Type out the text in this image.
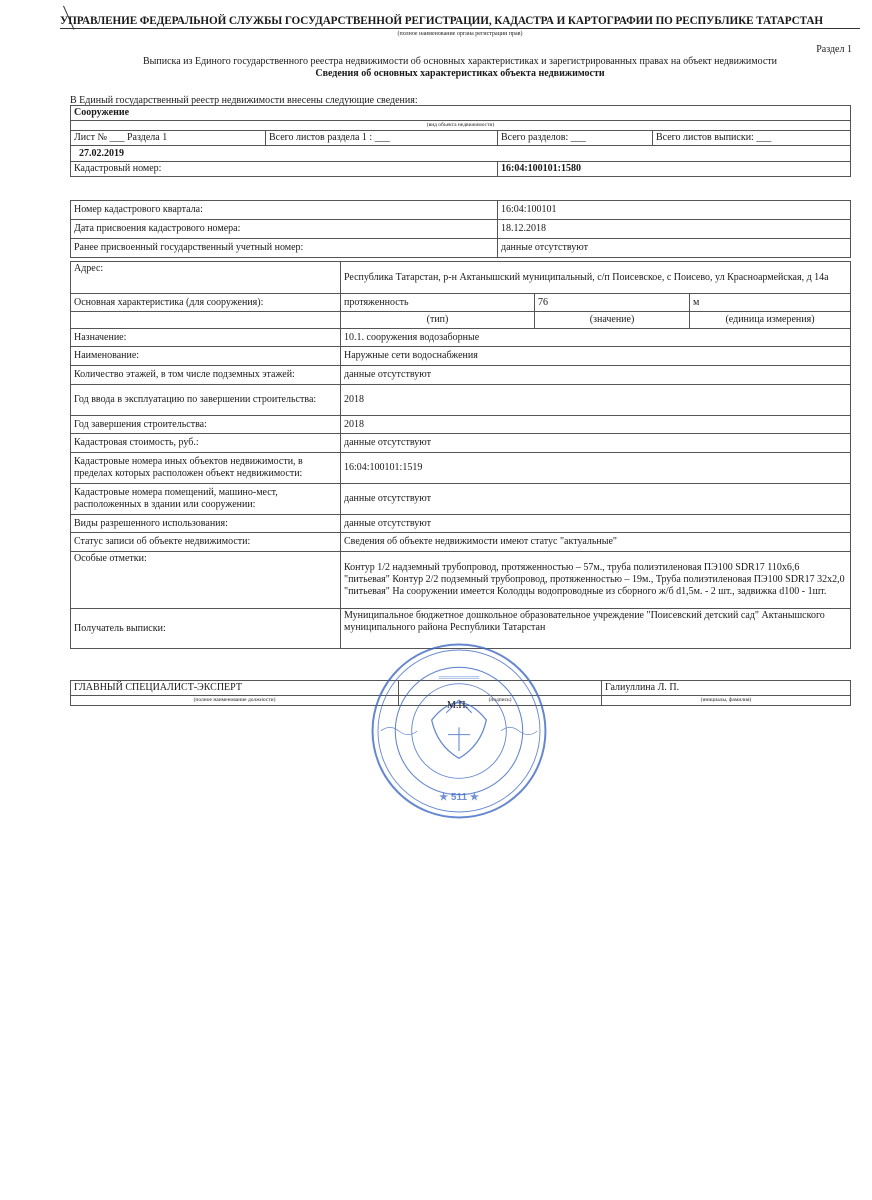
УПРАВЛЕНИЕ ФЕДЕРАЛЬНОЙ СЛУЖБЫ ГОСУДАРСТВЕННОЙ РЕГИСТРАЦИИ, КАДАСТРА И КАРТОГРАФИИ ПО РЕСПУБЛИКЕ ТАТАРСТАН
(полное наименование органа регистрации прав)
Раздел 1
Выписка из Единого государственного реестра недвижимости об основных характеристиках и зарегистрированных правах на объект недвижимости
Сведения об основных характеристиках объекта недвижимости
В Единый государственный реестр недвижимости внесены следующие сведения:
Сооружение			
(вид объекта недвижимости)			
Лист № ___ Раздела 1	Всего листов раздела 1 : ___	Всего разделов: ___	Всего листов выписки: ___
27.02.2019			
Кадастровый номер:		16:04:100101:1580	
Номер кадастрового квартала:	16:04:100101
Дата присвоения кадастрового номера:	18.12.2018
Ранее присвоенный государственный учетный номер:	данные отсутствуют
Адрес:	Республика Татарстан, р-н Актанышский муниципальный, с/п Поисевское, с Поисево, ул Красноармейская, д 14а		
Основная характеристика (для сооружения):	протяженность	76	м
	(тип)	(значение)	(единица измерения)
Назначение:	10.1. сооружения водозаборные		
Наименование:	Наружные сети водоснабжения		
Количество этажей, в том числе подземных этажей:	данные отсутствуют		
Год ввода в эксплуатацию по завершении строительства:	2018		
Год завершения строительства:	2018		
Кадастровая стоимость, руб.:	данные отсутствуют		
Кадастровые номера иных объектов недвижимости, в пределах которых расположен объект недвижимости:	16:04:100101:1519		
Кадастровые номера помещений, машино-мест, расположенных в здании или сооружении:	данные отсутствуют		
Виды разрешенного использования:	данные отсутствуют		
Статус записи об объекте недвижимости:	Сведения об объекте недвижимости имеют статус "актуальные"		
Особые отметки:	Контур 1/2 надземный трубопровод, протяженностью – 57м., труба полиэтиленовая ПЭ100 SDR17 110х6,6 "питьевая" Контур 2/2 подземный трубопровод, протяженностью – 19м., Труба полиэтиленовая ПЭ100 SDR17 32х2,0 "питьевая" На сооружении имеется Колодцы водопроводные из сборного ж/б d1,5м. - 2 шт., задвижка d100 - 1шт.		
Получатель выписки:	Муниципальное бюджетное дошкольное образовательное учреждение "Поисевский детский сад" Актанышского муниципального района Республики Татарстан		
ГЛАВНЫЙ СПЕЦИАЛИСТ-ЭКСПЕРТ		Галиуллина Л. П.
(полное наименование должности)	(подпись)	(инициалы, фамилия)
★ 511 ★
═══════
М.П.
